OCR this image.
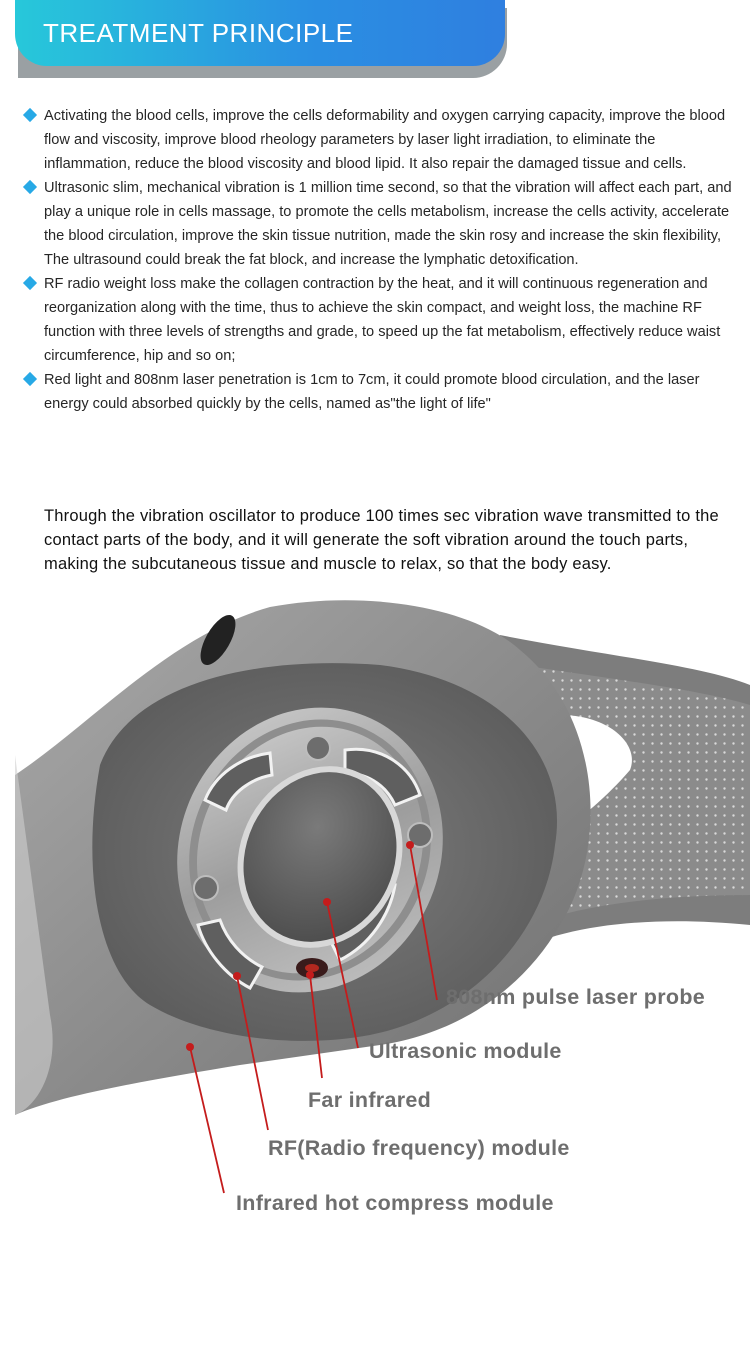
TREATMENT PRINCIPLE
Activating the blood cells, improve the cells deformability and oxygen carrying capacity, improve the blood flow and viscosity, improve blood rheology parameters by laser light irradiation, to eliminate the inflammation, reduce the blood viscosity and blood lipid. It also repair the damaged tissue and cells.
Ultrasonic slim, mechanical vibration is 1 million time second, so that the vibration will affect each part, and play a unique role in cells massage, to promote the cells metabolism, increase the cells activity, accelerate the blood circulation, improve the skin tissue nutrition, made the skin rosy and increase the skin flexibility, The ultrasound could break the fat block, and increase the lymphatic detoxification.
RF radio weight loss make the collagen contraction by the heat, and it will continuous regeneration and reorganization along with the time, thus to achieve the skin compact, and weight loss, the machine RF function with three levels of strengths and grade, to speed up the fat metabolism, effectively reduce waist circumference, hip and so on;
Red light and 808nm laser penetration is 1cm to 7cm, it could promote blood circulation, and the laser energy could absorbed quickly by the cells, named as"the light of life"

Through the vibration oscillator to produce 100 times sec vibration wave transmitted to the contact parts of the body, and it will generate the soft vibration around the touch parts, making the subcutaneous tissue and muscle to relax, so that the body easy.

808nm pulse laser probe
Ultrasonic module
Far infrared
RF(Radio frequency) module
Infrared hot compress module
